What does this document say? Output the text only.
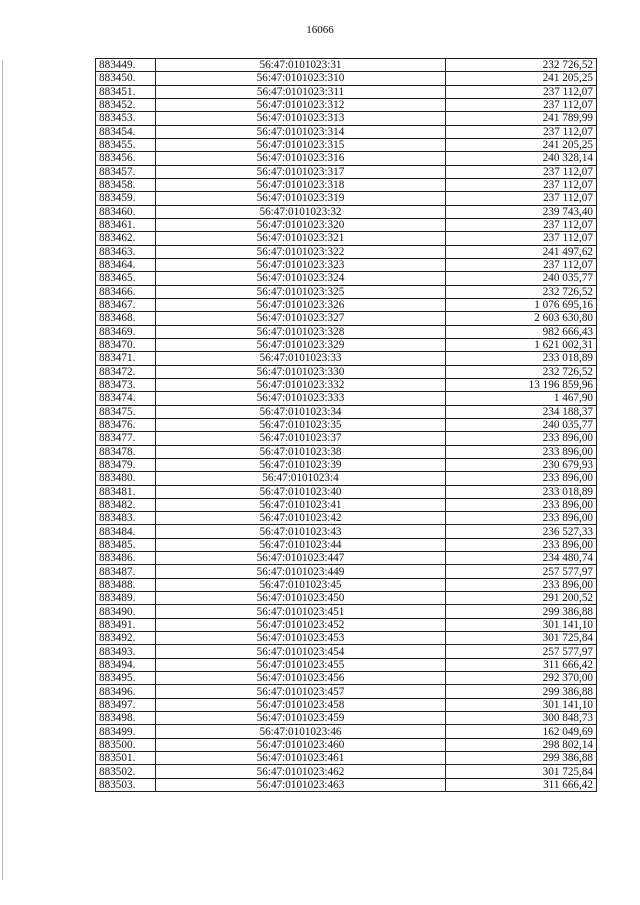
16066
883449.	56:47:0101023:31	232 726,52
883450.	56:47:0101023:310	241 205,25
883451.	56:47:0101023:311	237 112,07
883452.	56:47:0101023:312	237 112,07
883453.	56:47:0101023:313	241 789,99
883454.	56:47:0101023:314	237 112,07
883455.	56:47:0101023:315	241 205,25
883456.	56:47:0101023:316	240 328,14
883457.	56:47:0101023:317	237 112,07
883458.	56:47:0101023:318	237 112,07
883459.	56:47:0101023:319	237 112,07
883460.	56:47:0101023:32	239 743,40
883461.	56:47:0101023:320	237 112,07
883462.	56:47:0101023:321	237 112,07
883463.	56:47:0101023:322	241 497,62
883464.	56:47:0101023:323	237 112,07
883465.	56:47:0101023:324	240 035,77
883466.	56:47:0101023:325	232 726,52
883467.	56:47:0101023:326	1 076 695,16
883468.	56:47:0101023:327	2 603 630,80
883469.	56:47:0101023:328	982 666,43
883470.	56:47:0101023:329	1 621 002,31
883471.	56:47:0101023:33	233 018,89
883472.	56:47:0101023:330	232 726,52
883473.	56:47:0101023:332	13 196 859,96
883474.	56:47:0101023:333	1 467,90
883475.	56:47:0101023:34	234 188,37
883476.	56:47:0101023:35	240 035,77
883477.	56:47:0101023:37	233 896,00
883478.	56:47:0101023:38	233 896,00
883479.	56:47:0101023:39	230 679,93
883480.	56:47:0101023:4	233 896,00
883481.	56:47:0101023:40	233 018,89
883482.	56:47:0101023:41	233 896,00
883483.	56:47:0101023:42	233 896,00
883484.	56:47:0101023:43	236 527,33
883485.	56:47:0101023:44	233 896,00
883486.	56:47:0101023:447	234 480,74
883487.	56:47:0101023:449	257 577,97
883488.	56:47:0101023:45	233 896,00
883489.	56:47:0101023:450	291 200,52
883490.	56:47:0101023:451	299 386,88
883491.	56:47:0101023:452	301 141,10
883492.	56:47:0101023:453	301 725,84
883493.	56:47:0101023:454	257 577,97
883494.	56:47:0101023:455	311 666,42
883495.	56:47:0101023:456	292 370,00
883496.	56:47:0101023:457	299 386,88
883497.	56:47:0101023:458	301 141,10
883498.	56:47:0101023:459	300 848,73
883499.	56:47:0101023:46	162 049,69
883500.	56:47:0101023:460	298 802,14
883501.	56:47:0101023:461	299 386,88
883502.	56:47:0101023:462	301 725,84
883503.	56:47:0101023:463	311 666,42
